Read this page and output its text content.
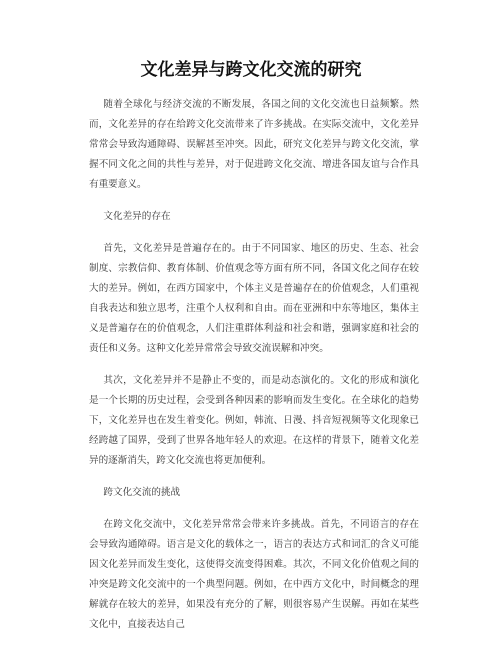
文化差异与跨文化交流的研究

随着全球化与经济交流的不断发展，各国之间的文化交流也日益频繁。然而，文化差异的存在给跨文化交流带来了许多挑战。在实际交流中，文化差异常常会导致沟通障碍、误解甚至冲突。因此，研究文化差异与跨文化交流，掌握不同文化之间的共性与差异，对于促进跨文化交流、增进各国友谊与合作具有重要意义。

文化差异的存在

首先，文化差异是普遍存在的。由于不同国家、地区的历史、生态、社会制度、宗教信仰、教育体制、价值观念等方面有所不同，各国文化之间存在较大的差异。例如，在西方国家中，个体主义是普遍存在的价值观念，人们重视自我表达和独立思考，注重个人权利和自由。而在亚洲和中东等地区，集体主义是普遍存在的价值观念，人们注重群体利益和社会和谐，强调家庭和社会的责任和义务。这种文化差异常常会导致交流误解和冲突。

其次，文化差异并不是静止不变的，而是动态演化的。文化的形成和演化是一个长期的历史过程，会受到各种因素的影响而发生变化。在全球化的趋势下，文化差异也在发生着变化。例如，韩流、日漫、抖音短视频等文化现象已经跨越了国界，受到了世界各地年轻人的欢迎。在这样的背景下，随着文化差异的逐渐消失，跨文化交流也将更加便利。

跨文化交流的挑战

在跨文化交流中，文化差异常常会带来许多挑战。首先，不同语言的存在会导致沟通障碍。语言是文化的载体之一，语言的表达方式和词汇的含义可能因文化差异而发生变化，这使得交流变得困难。其次，不同文化价值观之间的冲突是跨文化交流中的一个典型问题。例如，在中西方文化中，时间概念的理解就存在较大的差异，如果没有充分的了解，则很容易产生误解。再如在某些文化中，直接表达自己
